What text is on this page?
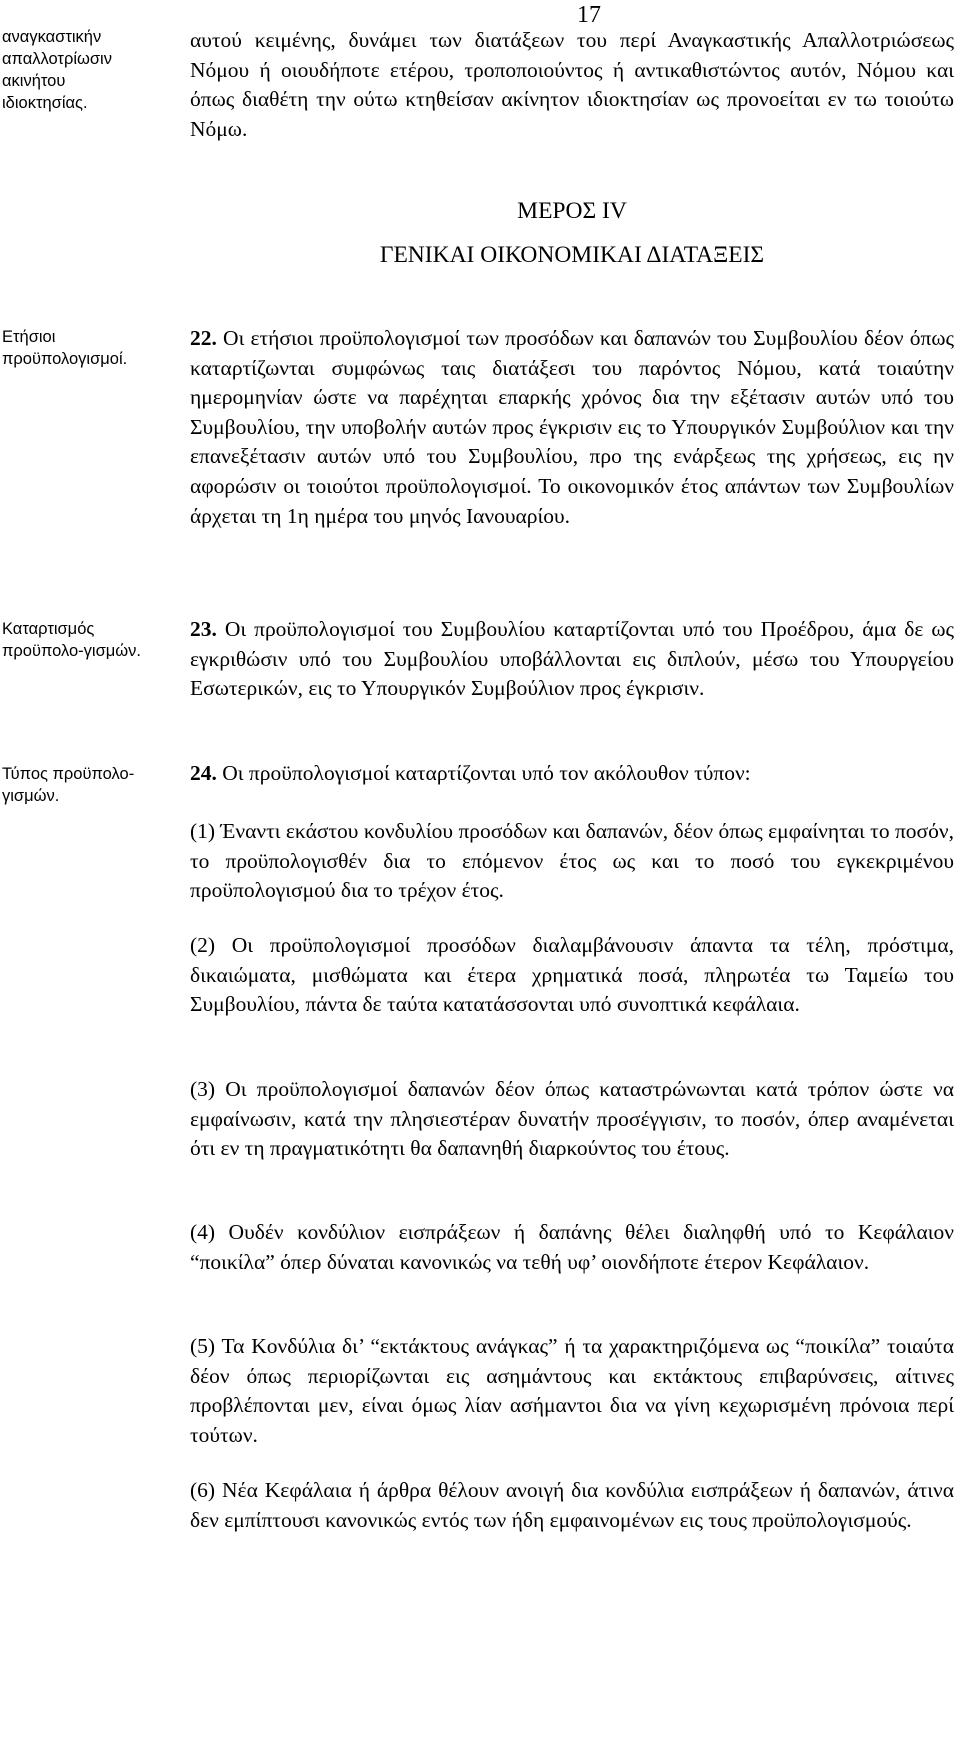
17
αναγκαστικήν απαλλοτρίωσιν ακινήτου ιδιοκτησίας.
Ετήσιοι προϋπολογισμοί.
Καταρτισμός προϋπολο-γισμών.
Τύπος προϋπολο-γισμών.
αυτού κειμένης, δυνάμει των διατάξεων του περί Αναγκαστικής Απαλλοτριώσεως Νόμου ή οιουδήποτε ετέρου, τροποποιούντος ή αντικαθιστώντος αυτόν, Νόμου και όπως διαθέτη την ούτω κτηθείσαν ακίνητον ιδιοκτησίαν ως προνοείται εν τω τοιούτω Νόμω.
ΜΕΡΟΣ IV
ΓΕΝΙΚΑΙ ΟΙΚΟΝΟΜΙΚΑΙ ΔΙΑΤΑΞΕΙΣ
22. Οι ετήσιοι προϋπολογισμοί των προσόδων και δαπανών του Συμβουλίου δέον όπως καταρτίζωνται συμφώνως ταις διατάξεσι του παρόντος Νόμου, κατά τοιαύτην ημερομηνίαν ώστε να παρέχηται επαρκής χρόνος δια την εξέτασιν αυτών υπό του Συμβουλίου, την υποβολήν αυτών προς έγκρισιν εις το Υπουργικόν Συμβούλιον και την επανεξέτασιν αυτών υπό του Συμβουλίου, προ της ενάρξεως της χρήσεως, εις ην αφορώσιν οι τοιούτοι προϋπολογισμοί. Το οικονομικόν έτος απάντων των Συμβουλίων άρχεται τη 1η ημέρα του μηνός Ιανουαρίου.
23. Οι προϋπολογισμοί του Συμβουλίου καταρτίζονται υπό του Προέδρου, άμα δε ως εγκριθώσιν υπό του Συμβουλίου υποβάλλονται εις διπλούν, μέσω του Υπουργείου Εσωτερικών, εις το Υπουργικόν Συμβούλιον προς έγκρισιν.
24. Οι προϋπολογισμοί καταρτίζονται υπό τον ακόλουθον τύπον:
(1) Έναντι εκάστου κονδυλίου προσόδων και δαπανών, δέον όπως εμφαίνηται το ποσόν, το προϋπολογισθέν δια το επόμενον έτος ως και το ποσό του εγκεκριμένου προϋπολογισμού δια το τρέχον έτος.
(2) Οι προϋπολογισμοί προσόδων διαλαμβάνουσιν άπαντα τα τέλη, πρόστιμα, δικαιώματα, μισθώματα και έτερα χρηματικά ποσά, πληρωτέα τω Ταμείω του Συμβουλίου, πάντα δε ταύτα κατατάσσονται υπό συνοπτικά κεφάλαια.
(3) Οι προϋπολογισμοί δαπανών δέον όπως καταστρώνωνται κατά τρόπον ώστε να εμφαίνωσιν, κατά την πλησιεστέραν δυνατήν προσέγγισιν, το ποσόν, όπερ αναμένεται ότι εν τη πραγματικότητι θα δαπανηθή διαρκούντος του έτους.
(4) Ουδέν κονδύλιον εισπράξεων ή δαπάνης θέλει διαληφθή υπό το Κεφάλαιον “ποικίλα” όπερ δύναται κανονικώς να τεθή υφ’ οιονδήποτε έτερον Κεφάλαιον.
(5) Τα Κονδύλια δι’ “εκτάκτους ανάγκας” ή τα χαρακτηριζόμενα ως “ποικίλα” τοιαύτα δέον όπως περιορίζωνται εις ασημάντους και εκτάκτους επιβαρύνσεις, αίτινες προβλέπονται μεν, είναι όμως λίαν ασήμαντοι δια να γίνη κεχωρισμένη πρόνοια περί τούτων.
(6) Νέα Κεφάλαια ή άρθρα θέλουν ανοιγή δια κονδύλια εισπράξεων ή δαπανών, άτινα δεν εμπίπτουσι κανονικώς εντός των ήδη εμφαινομένων εις τους προϋπολογισμούς.
